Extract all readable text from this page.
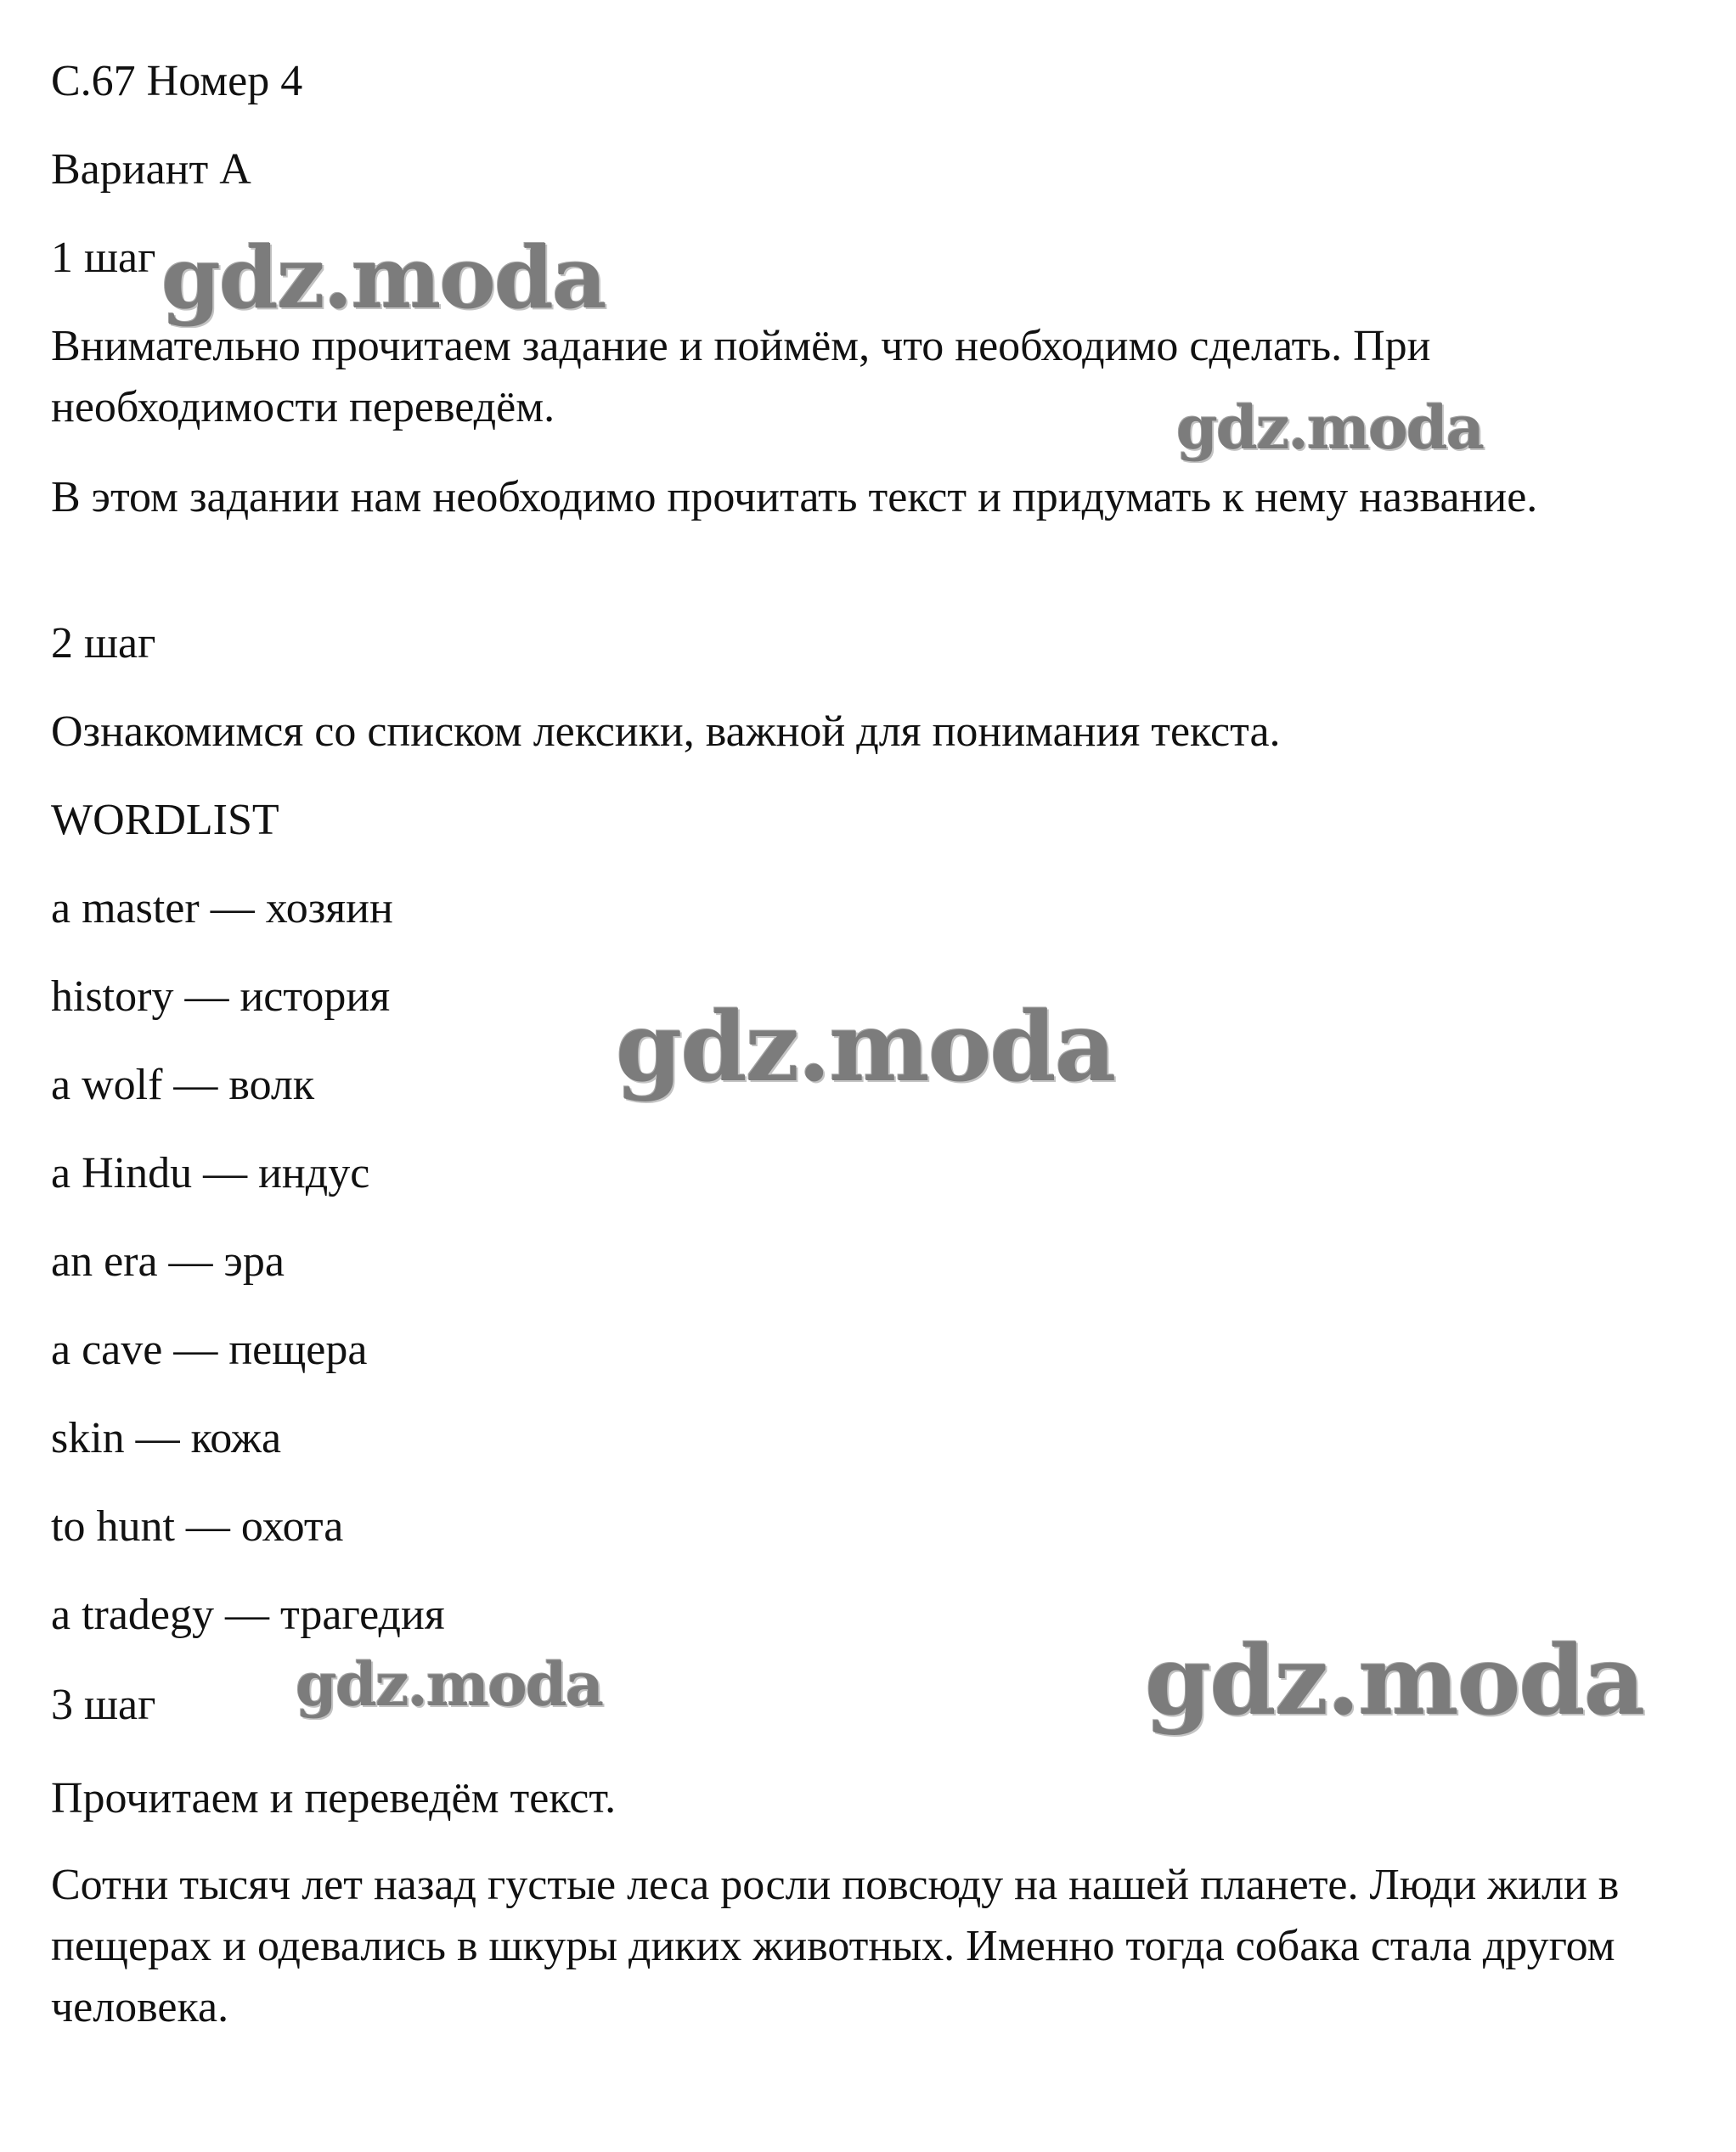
С.67 Номер 4

Вариант А

1 шаг

Внимательно прочитаем задание и поймём, что необходимо сделать. При необходимости переведём.

В этом задании нам необходимо прочитать текст и придумать к нему название.

2 шаг

Ознакомимся со списком лексики, важной для понимания текста.

WORDLIST

a master — хозяин

history — история

a wolf — волк

a Hindu — индус

an era — эра

a cave — пещера

skin — кожа

to hunt — охота

a tradegy — трагедия

3 шаг

Прочитаем и переведём текст.

Сотни тысяч лет назад густые леса росли повсюду на нашей планете. Люди жили в пещерах и одевались в шкуры диких животных. Именно тогда собака стала другом человека.

gdz.moda
gdz.moda
gdz.moda
gdz.moda	gdz.moda
